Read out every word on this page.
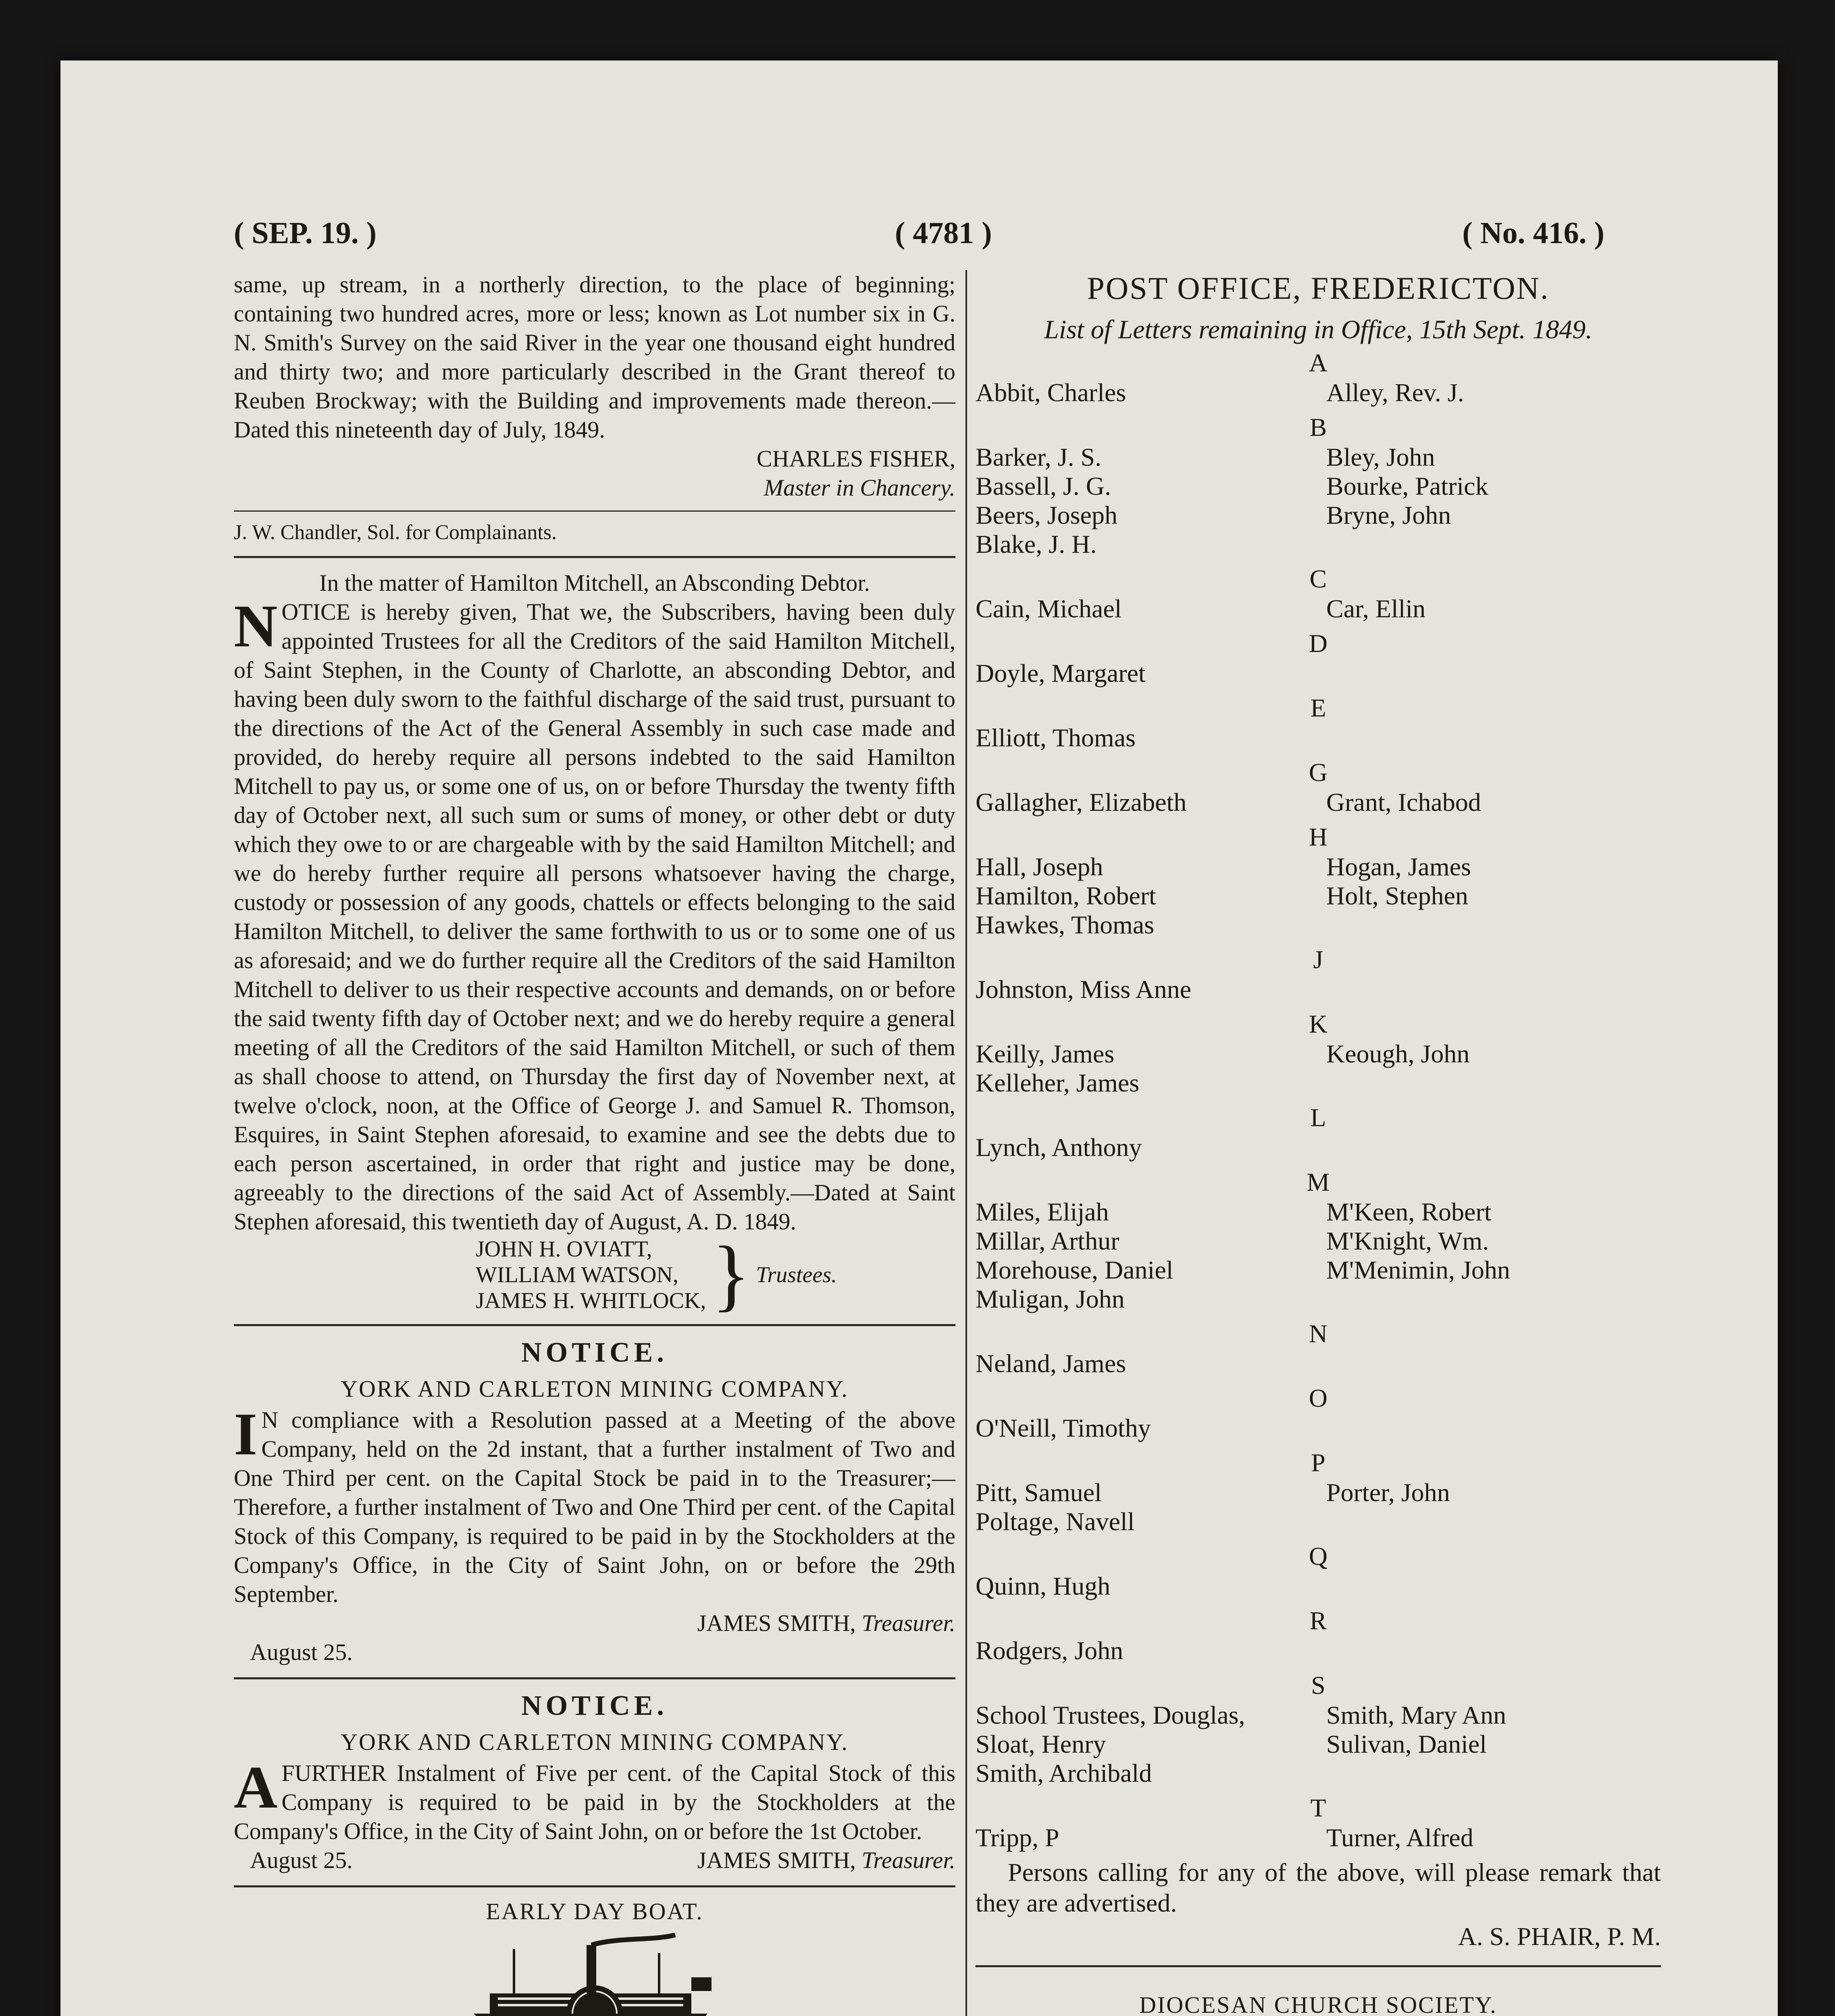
( SEP. 19. )	( 4781 )	( No. 416. )

same, up stream, in a northerly direction, to the place of beginning; containing two hundred acres, more or less; known as Lot number six in G. N. Smith's Survey on the said River in the year one thousand eight hundred and thirty two; and more particularly described in the Grant thereof to Reuben Brockway; with the Building and improvements made thereon.—Dated this nineteenth day of July, 1849.

CHARLES FISHER,

Master in Chancery.

J. W. Chandler, Sol. for Complainants.

In the matter of Hamilton Mitchell, an Absconding Debtor.

NOTICE is hereby given, That we, the Subscribers, having been duly appointed Trustees for all the Creditors of the said Hamilton Mitchell, of Saint Stephen, in the County of Charlotte, an absconding Debtor, and having been duly sworn to the faithful discharge of the said trust, pursuant to the directions of the Act of the General Assembly in such case made and provided, do hereby require all persons indebted to the said Hamilton Mitchell to pay us, or some one of us, on or before Thursday the twenty fifth day of October next, all such sum or sums of money, or other debt or duty which they owe to or are chargeable with by the said Hamilton Mitchell; and we do hereby further require all persons whatsoever having the charge, custody or possession of any goods, chattels or effects belonging to the said Hamilton Mitchell, to deliver the same forthwith to us or to some one of us as aforesaid; and we do further require all the Creditors of the said Hamilton Mitchell to deliver to us their respective accounts and demands, on or before the said twenty fifth day of October next; and we do hereby require a general meeting of all the Creditors of the said Hamilton Mitchell, or such of them as shall choose to attend, on Thursday the first day of November next, at twelve o'clock, noon, at the Office of George J. and Samuel R. Thomson, Esquires, in Saint Stephen aforesaid, to examine and see the debts due to each person ascertained, in order that right and justice may be done, agreeably to the directions of the said Act of Assembly.—Dated at Saint Stephen aforesaid, this twentieth day of August, A. D. 1849.

JOHN H. OVIATT,
WILLIAM WATSON,
JAMES H. WHITLOCK, } Trustees.

NOTICE.

YORK AND CARLETON MINING COMPANY.

I N compliance with a Resolution passed at a Meeting of the above Company, held on the 2d instant, that a further instalment of Two and One Third per cent. on the Capital Stock be paid in to the Treasurer;—Therefore, a further instalment of Two and One Third per cent. of the Capital Stock of this Company, is required to be paid in by the Stockholders at the Company's Office, in the City of Saint John, on or before the 29th September.

JAMES SMITH, Treasurer.

August 25.

NOTICE.

YORK AND CARLETON MINING COMPANY.

AFURTHER Instalment of Five per cent. of the Capital Stock of this Company is required to be paid in by the Stockholders at the Company's Office, in the City of Saint John, on or before the 1st October.

August 25.	JAMES SMITH, Treasurer.

EARLY DAY BOAT.

POST OFFICE, FREDERICTON.

List of Letters remaining in Office, 15th Sept. 1849.

A
Abbit, Charles	Alley, Rev. J.
B
Barker, J. S.	Bley, John
Bassell, J. G.	Bourke, Patrick
Beers, Joseph	Bryne, John
Blake, J. H.
C
Cain, Michael	Car, Ellin
D
Doyle, Margaret
E
Elliott, Thomas
G
Gallagher, Elizabeth	Grant, Ichabod
H
Hall, Joseph	Hogan, James
Hamilton, Robert	Holt, Stephen
Hawkes, Thomas
J
Johnston, Miss Anne
K
Keilly, James	Keough, John
Kelleher, James
L
Lynch, Anthony
M
Miles, Elijah	M'Keen, Robert
Millar, Arthur	M'Knight, Wm.
Morehouse, Daniel	M'Menimin, John
Muligan, John
N
Neland, James
O
O'Neill, Timothy
P
Pitt, Samuel	Porter, John
Poltage, Navell
Q
Quinn, Hugh
R
Rodgers, John
S
School Trustees, Douglas,	Smith, Mary Ann
Sloat, Henry	Sulivan, Daniel
Smith, Archibald
T
Tripp, P	Turner, Alfred

Persons calling for any of the above, will please remark that they are advertised.

A. S. PHAIR, P. M.

DIOCESAN CHURCH SOCIETY.
